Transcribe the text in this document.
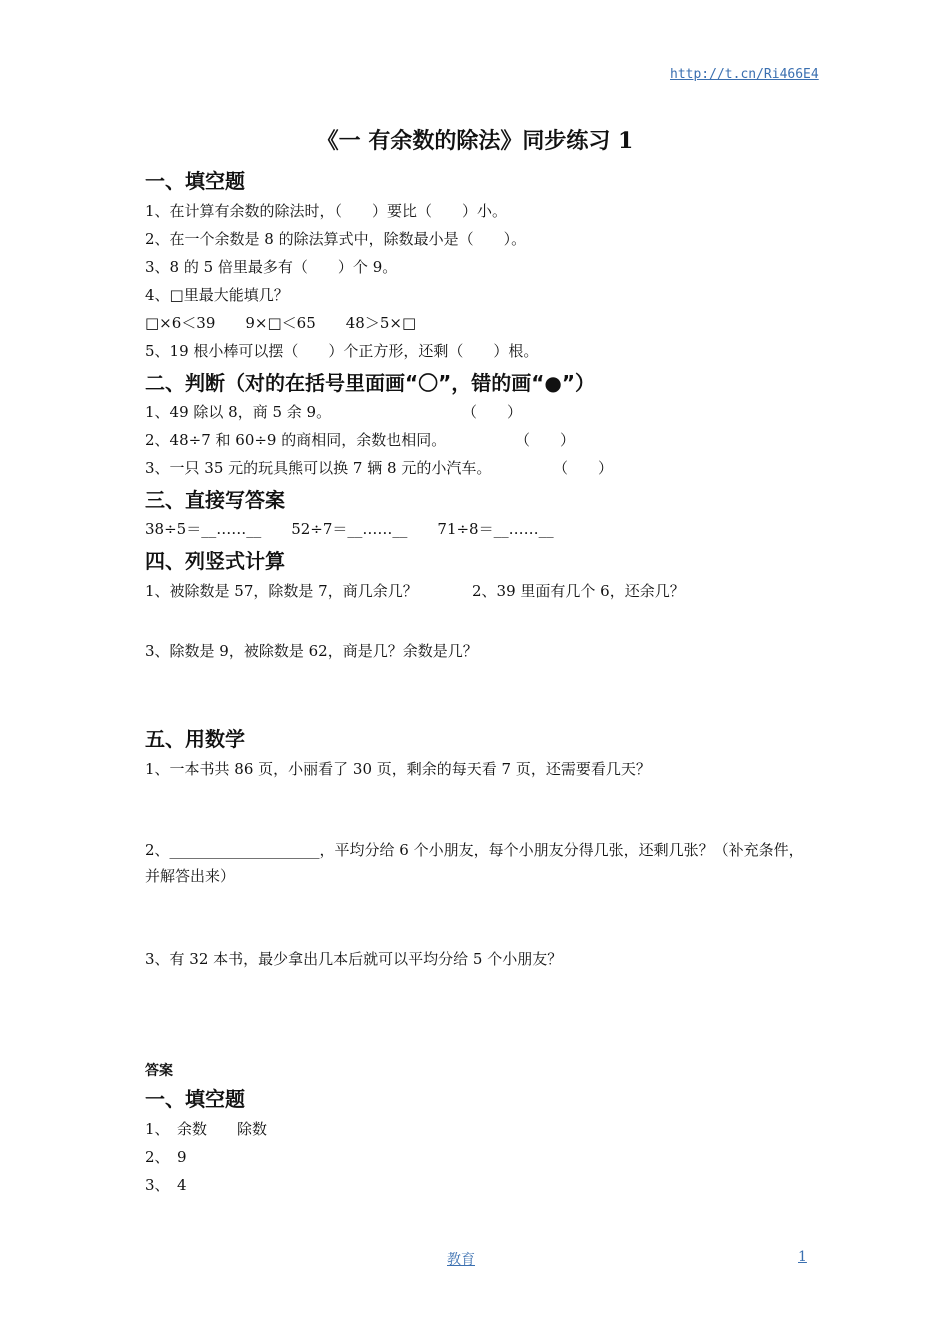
http://t.cn/Ri466E4
《一 有余数的除法》同步练习 1
一、填空题
1、在计算有余数的除法时，（　　）要比（　　）小。
2、在一个余数是 8 的除法算式中，除数最小是（　　）。
3、8 的 5 倍里最多有（　　）个 9。
4、□里最大能填几？
□×6＜39　　9×□＜65　　48＞5×□
5、19 根小棒可以摆（　　）个正方形，还剩（　　）根。
二、判断（对的在括号里面画“〇”，错的画“●”）
1、49 除以 8，商 5 余 9。	（　　）
2、48÷7 和 60÷9 的商相同，余数也相同。	（　　）
3、一只 35 元的玩具熊可以换 7 辆 8 元的小汽车。	（　　）
三、直接写答案
38÷5＝__……__　　52÷7＝__……__　　71÷8＝__……__
四、列竖式计算
1、被除数是 57，除数是 7，商几余几？	2、39 里面有几个 6，还余几？
3、除数是 9，被除数是 62，商是几？余数是几？
五、用数学
1、一本书共 86 页，小丽看了 30 页，剩余的每天看 7 页，还需要看几天？
2、____________________，平均分给 6 个小朋友，每个小朋友分得几张，还剩几张？（补充条件，并解答出来）
3、有 32 本书，最少拿出几本后就可以平均分给 5 个小朋友？
答案
一、填空题
1、　余数　　除数
2、　9
3、　4
教育	1
